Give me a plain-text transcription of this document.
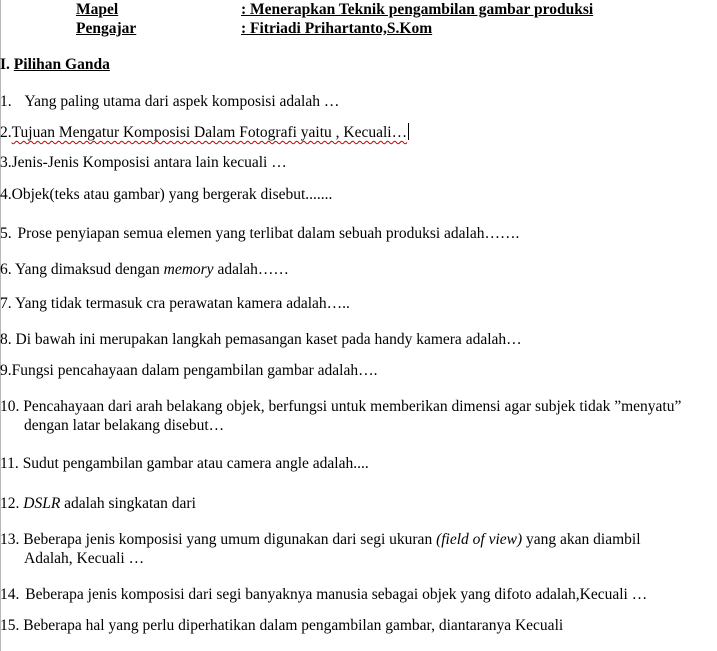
Mapel	: Menerapkan Teknik pengambilan gambar produksi
Pengajar	: Fitriadi Prihartanto,S.Kom
I. Pilihan Ganda
1. Yang paling utama dari aspek komposisi adalah …
2.Tujuan Mengatur Komposisi Dalam Fotografi yaitu , Kecuali…
3.Jenis-Jenis Komposisi antara lain kecuali …
4.Objek(teks atau gambar) yang bergerak disebut.......
5. Prose penyiapan semua elemen yang terlibat dalam sebuah produksi adalah…….
6. Yang dimaksud dengan memory adalah……
7. Yang tidak termasuk cra perawatan kamera adalah…..
8. Di bawah ini merupakan langkah pemasangan kaset pada handy kamera adalah…
9.Fungsi pencahayaan dalam pengambilan gambar adalah….
10. Pencahayaan dari arah belakang objek, berfungsi untuk memberikan dimensi agar subjek tidak ”menyatu”
dengan latar belakang disebut…
11. Sudut pengambilan gambar atau camera angle adalah....
12. DSLR adalah singkatan dari
13. Beberapa jenis komposisi yang umum digunakan dari segi ukuran (field of view) yang akan diambil
Adalah, Kecuali …
14. Beberapa jenis komposisi dari segi banyaknya manusia sebagai objek yang difoto adalah,Kecuali …
15. Beberapa hal yang perlu diperhatikan dalam pengambilan gambar, diantaranya Kecuali
